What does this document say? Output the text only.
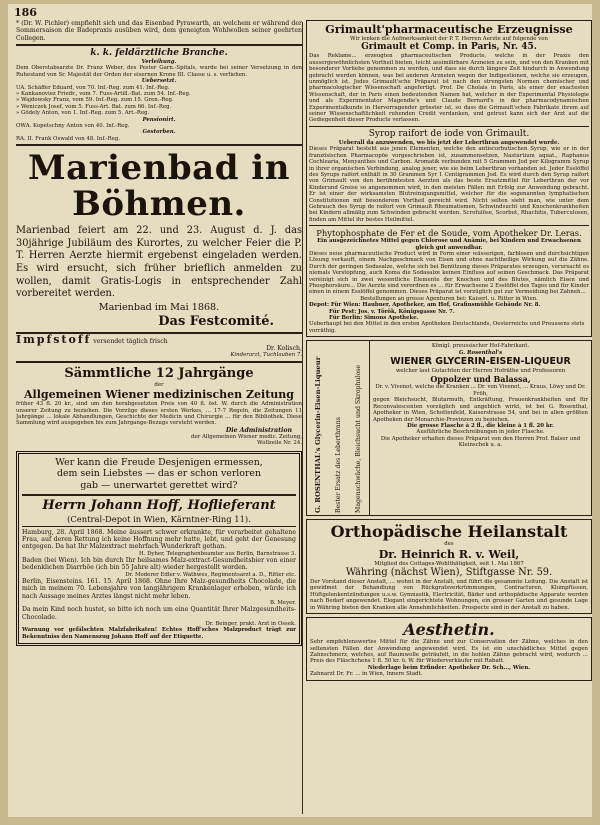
186

* (Dr. W. Pichler) empfiehlt sich und das Eisenbad Pyrawarth, an welchem er während der Sommersaison die Badepraxis ausüben wird, dem geneigten Wohlwollen seiner geehrten Collegen.

k. k. feldärztliche Branche.

Verleihung.

Dem Oberstabsarzte Dr. Franz Weber, des Pester Garn.-Spitals, wurde bei seiner Versetzung in den Ruhestand von Sr. Majestät der Orden der eisernen Krone III. Classe u. s. verliehen.

Uebersetzt.

UA. Schäffer Eduard, von 70. Inf.-Reg. zum 41. Inf.-Reg.

» Kankanoviez Friedr., vom 7. Fuss-Artill.-Bat. zum 54. Inf.-Reg.

» Wajdowsky Franz, vom 59. Inf.-Reg. zum 15. Gren.-Reg.

» Weniczek Josef, vom 5. Fuss-Art. Bat. zum 66. Inf.-Reg.

» Gödely Anton, von 1. Inf.-Reg. zum 5. Art.-Reg.

Pensionirt.

OWA. Kopetschny Anton von 40. Inf.-Reg.

Gestorben.

RA. II. Frank Oswald von 48. Inf.-Reg.

Marienbad in Böhmen.

Marienbad feiert am 22. und 23. August d. J. das 30jährige Jubiläum des Kurortes, zu welcher Feier die P. T. Herren Aerzte hiermit ergebenst eingeladen werden. Es wird ersucht, sich früher brieflich anmelden zu wollen, damit Gratis-Logis in entsprechender Zahl vorbereitet werden.

Marienbad im Mai 1868.

Das Festcomité.

Impfstoff versendet täglich frisch

Dr. Kolisch,

Kinderarzt, Tuchlauben 7.

Sämmtliche 12 Jahrgänge

der

Allgemeinen Wiener medizinischen Zeitung

früher 43 fl. 20 kr., sind um den herabgesetzten Preis von 40 fl. öst. W. durch die Administration unserer Zeitung zu beziehen. Die Vorzüge dieses ersten Werkes, ... 17-7 Regeln, die Zeitungen 11 Jahrgänge ... lokale Abhandlungen, Geschichte der Medicin und Chirurgie ... für den Bibliothek. Diese Sammlung wird ausgegeben bis zum Jahrgange-Bezugs versteht werden.

Die Administration

der Allgemeinen Wiener medic. Zeitung,

Wollzeile Nr. 24.

Wer kann die Freude Desjenigen ermessen,

dem sein Liebstes — das er schon verloren

gab — unerwartet gerettet wird?

Herrn Johann Hoff, Hoflieferant

(Central-Depot in Wien, Kärntner-Ring 11).

Hamburg, 28. April 1868. Meine äussert schwer erkrankte, für verarbeitet gehaltene Frau, auf deren Rettung ich keine Hoffnung mehr hatte, lebt, und geht der Genesung entgegen. Da hat Ihr Malzextract mehrfach Wunderkraft gethan.

H. Dyher, Telegraphenbeamter aus Berlin, Barnstrasse 3.

Baden (bei Wien). Ich bin durch Ihr heilsames Malz-extract-Gesundheitsbier von einer bedenklichen Diarrhöe (ich bin 55 Jahre alt) wieder hergestellt worden.

Dr. Moderer Edler v. Wathwes, Regimentsarzt a. D., Ritter etc.

Berlin, Eisensteins. 161. 15. April 1868. Ohne Ihre Malz-gesundheits Chocolade, die mich in meinem 70. Lebensjahre von langjährigem Krankenlager erhoben, würde ich nach Aussage meines Arztes längst nicht mehr leben.

B. Meyer.

Da mein Kind noch hustet, so bitte ich noch um eine Quantität Ihrer Malzgesundheits-Chocolade.

Dr. Beinger, prakt. Arzt in Ossek.

Warnung vor gefälschten Malzfabrikaten! Echtes Hoff'sches Malzproduct trägt zur Bekenntniss den Namenszug Johann Hoff auf der Etiquette.

Grimault'pharmaceutische Erzeugnisse

Wir lenken die Aufmerksamkeit der P. T. Herren Aerzte auf folgende von

Grimault et Comp. in Paris, Nr. 45.

Das Reklame... erzeugten pharmaceutischen Producte, welche in der Praxis den aussergewöhnlichsten Vortheil bieten, leicht assimilirbare Arzneien zu sein, und von den Kranken mit besonderer Vorliebe genommen zu werden, und dass sie durch längere Zeit hindurch in Anwendung gebracht werden können, was bei anderen Arzneien wegen der Indigestionen, welche sie erzeugen, unmöglich ist. Jedes Grimault'sche Präparat ist nach den strengsten Normen chemischer und pharmacologischer Wissenschaft angefertigt. Prof. De Cholais in Paris, als einer der exactesten Wissenschaft, der in Paris einen bedeutenden Namen hat, welcher in der Experimental Physiologie und als Experimentator Magendie's und Claude Bernard's in der pharmacodynamischen Experimentalkunde in Hervorragender grösster ist, so dass die Grimault'schen Fabrikate ihrem auf seiner Wissenschaftlichkeit ruhenden Credit verdanken, und getrost kann sich der Arzt auf die Gediegenheit dieser Producte verlassen.

Syrop raifort de iode von Grimault.

Ueberall da anzuwenden, wo bis jetzt der Leberthran angewendet wurde.

Dieses Präparat besteht aus jenen Elementen, welche den antiscorbutischen Syrup, wie er in der französischen Pharmacopöe vorgeschrieben ist, zusammensetzen, Nasturtium aquat., Raphanus Cochlearia, Menyanthes und Carbon. Aromatik verbunden mit 5 Grammen Jod per Kilogramm Syrup in ihrer organischen Verbindung, analog jener, wie sie beim Leberthran vorhanden ist. Jeder Esslöffel des Syrups raifort enthält in 30 Grammen Syr 1 Centigrammen Jod. Es wird durch den Syrup raifort von Grimault von den berühmtesten Aerzten als das beste Ersatzmittel für Leberthran der vor Kinderund Greise so angenommen wird, in den meisten Fällen mit Erfolg zur Anwendung gebracht. Er ist einer der wirksamsten Blutreinigungsmittel, welcher für die sogenannten lymphatischen Constitutionen mit besonderem Vortheil gereicht wird. Nicht selten sieht man, wie unter dem Gebrauch des Syrup de raifort von Grimault Rheumatismen, Schwindsucht und Knochenkrankheiten bei Kindern allmälig zum Schwinden gebracht werden. Scrofulöse, Scorbut, Rhachitis, Tuberculosen, finden am Mittel ihr bestes Heilmittel.

Phytophosphate de Fer et de Soude, vom Apotheker Dr. Leras.

Ein ausgezeichnetes Mittel gegen Chlorose und Anämie, bei Kindern und Erwachsenen gleich gut anwendbar.

Dieses neue pharmaceutische Product wird in Form einer wässerigen, farblosen und durchsichtigen Lösung verkauft, einem Nachgeschmack von Eisen und ohne nachtheilige Wirkung auf die Zähne. Durch der geringen Sodasalze, welche sich bei Benützung dieses Präparates erzeugen, verursacht es niemals Verstopfung, auch Koma die Sodasalze keinen Einfluss auf seinen Geschmack. Das Präparat vereinigt sich in zwei wesentliche Elemente der Knochen und des Blutes, nämlich Eisen und Phosphorsäure... Die Aerzte sind verordnen es ... für Erwachsene 2 Esslöffel des Tages und für Kinder einen in einem Esslöffel genommen. Dieses Präparat ist vorzüglich gut zur Vermeidung bei Zahneh...

Bestellungen an grosse Agenturen bei: Kaiserl. u. Ritter in Wien.

Depot: Für Wien: Haubner, Apotheker, am Hof, Grafinsmühle Gebäude Nr. 8.

Für Pest: Jos. v. Török, Königsgasse Nr. 7.

Für Berlin: Simons Apotheke.

Ueberhaupt bei den Mittel in den ersten Apotheken Deutschlands, Oesterreichs und Preussens stets vorräthig.

G. ROSENTHAL's Glycerin-Eisen-Liqueur Bester Ersatz des Leberthrans Magenschwäche, Bleichsucht und Skrophulose

Königl. preussischer Hof-Fabrikant.

G. Rosenthal's

WIENER GLYCERIN-EISEN-LIQUEUR

welcher laut Gutachten der Herren Hofräthe und Professoren

Oppolzer und Balassa,

Dr. v. Vivenot, welche die Kranken ... Dr. von Vivenot, ... Kraus, Löwy und Dr. Fröh,

gegen Bleichsucht, Blutarmuth, Entkräftung, Frauenkrankheiten und für Reconvalescenten vorzüglich und angeblich wirkt, ist bei G. Rosenthal, Apotheker in Wien, Schottenfeld, Kaiserstrasse 54, und bei in allen größten Apotheken der Monarchie-Provinzen zu beziehen.

Die grosse Flasche à 2 fl., die kleine à 1 fl. 20 kr.

Ausführliche Beschreibungen in jeder Flasche.

Die Apotheker erhalten dieses Präparat von den Herren Prof. Balser und Kleinschek u. a.

Orthopädische Heilanstalt

des

Dr. Heinrich R. v. Weil,

Mitglied des Cottages-Wohlthätigkeit, seit 1. Mai 1867

Währing (nächst Wien), Stiftgasse Nr. 59.

Der Vorstand dieser Anstalt, ... wohnt in der Anstalt, und führt die gesammte Leitung. Die Anstalt ist gewidmet der Behandlung von Rückgratsverkrümmungen, Contracturen, Klumpfüssen, Hüftgelenkentzündungen u.s.w. Gymnastik, Electricität, Bäder und orthopädische Apparate werden nach Bedarf angewendet. Elegant eingerichtete Wohnungen, ein grosser Garten und gesunde Lage in Währing bieten den Kranken alle Annehmlichkeiten. Prospecte sind in der Anstalt zu haben.

Aesthetin.

Sehr empfehlenswertes Mittel für die Zähne und zur Conservation der Zähne, welches in den seltensten Fällen der Anwendung angewendet wird. Es ist ein unschädliches Mittel gegen Zahnschmerz, welches, auf Baumwolle geträufelt, in die hohlen Zähne gebracht wird, wodurch ... Preis des Fläschchens 1 fl. 50 kr. ö. W. für Wiederverkäufer mit Rabatt.

Niederlage beim Erfinder: Apotheker Dr. Sch..., Wien.

Zahnarzt Dr. Fr. ... in Wien, Innere Stadt.
